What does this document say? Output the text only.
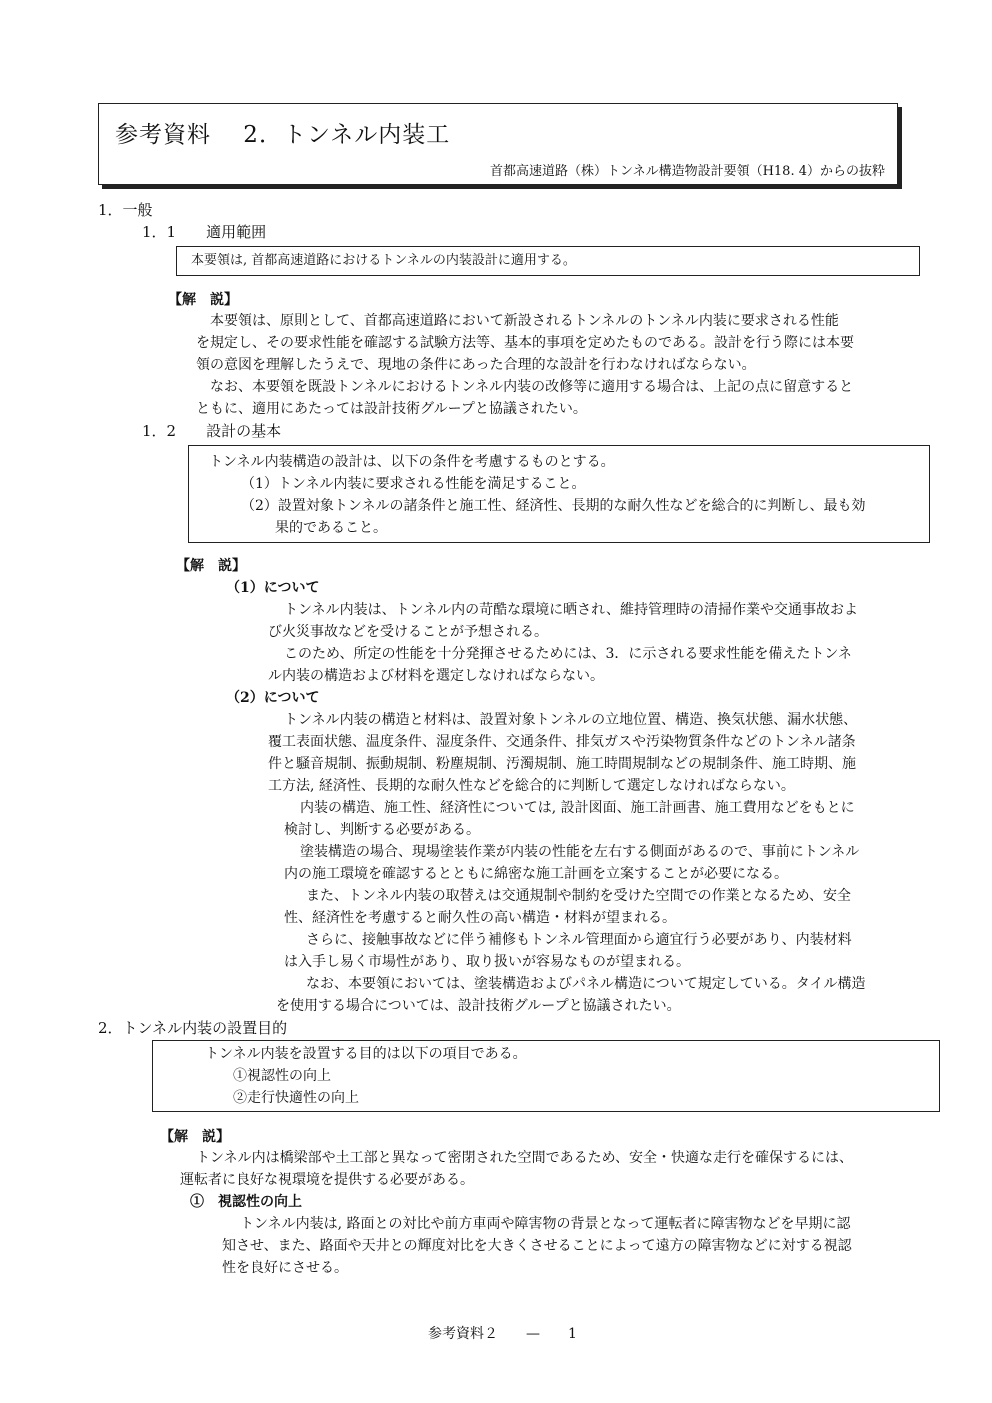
参考資料　 2．トンネル内装工
首都高速道路（株）トンネル構造物設計要領（H18. 4）からの抜粋
1．一般
1．1　　適用範囲
本要領は, 首都高速道路におけるトンネルの内装設計に適用する。
【解　説】
本要領は、原則として、首都高速道路において新設されるトンネルのトンネル内装に要求される性能
を規定し、その要求性能を確認する試験方法等、基本的事項を定めたものである。設計を行う際には本要
領の意図を理解したうえで、現地の条件にあった合理的な設計を行わなければならない。
なお、本要領を既設トンネルにおけるトンネル内装の改修等に適用する場合は、上記の点に留意すると
ともに、適用にあたっては設計技術グループと協議されたい。
1．2　　設計の基本
トンネル内装構造の設計は、以下の条件を考慮するものとする。
（1）トンネル内装に要求される性能を満足すること。
（2）設置対象トンネルの諸条件と施工性、経済性、長期的な耐久性などを総合的に判断し、最も効
果的であること。
【解　説】
（1）について
トンネル内装は、トンネル内の苛酷な環境に晒され、維持管理時の清掃作業や交通事故およ
び火災事故などを受けることが予想される。
このため、所定の性能を十分発揮させるためには、3．に示される要求性能を備えたトンネ
ル内装の構造および材料を選定しなければならない。
（2）について
トンネル内装の構造と材料は、設置対象トンネルの立地位置、構造、換気状態、漏水状態、
覆工表面状態、温度条件、湿度条件、交通条件、排気ガスや汚染物質条件などのトンネル諸条
件と騒音規制、振動規制、粉塵規制、汚濁規制、施工時間規制などの規制条件、施工時期、施
工方法, 経済性、長期的な耐久性などを総合的に判断して選定しなければならない。
内装の構造、施工性、経済性については, 設計図面、施工計画書、施工費用などをもとに
検討し、判断する必要がある。
塗装構造の場合、現場塗装作業が内装の性能を左右する側面があるので、事前にトンネル
内の施工環境を確認するとともに綿密な施工計画を立案することが必要になる。
また、トンネル内装の取替えは交通規制や制約を受けた空間での作業となるため、安全
性、経済性を考慮すると耐久性の高い構造・材料が望まれる。
さらに、接触事故などに伴う補修もトンネル管理面から適宜行う必要があり、内装材料
は入手し易く市場性があり、取り扱いが容易なものが望まれる。
なお、本要領においては、塗装構造およびパネル構造について規定している。タイル構造
を使用する場合については、設計技術グループと協議されたい。
2．トンネル内装の設置目的
トンネル内装を設置する目的は以下の項目である。
①視認性の向上
②走行快適性の向上
【解　説】
トンネル内は橋梁部や土工部と異なって密閉された空間であるため、安全・快適な走行を確保するには、
運転者に良好な視環境を提供する必要がある。
①　視認性の向上
トンネル内装は, 路面との対比や前方車両や障害物の背景となって運転者に障害物などを早期に認
知させ、また、路面や天井との輝度対比を大きくさせることによって遠方の障害物などに対する視認
性を良好にさせる。
参考資料２　　—　　1
